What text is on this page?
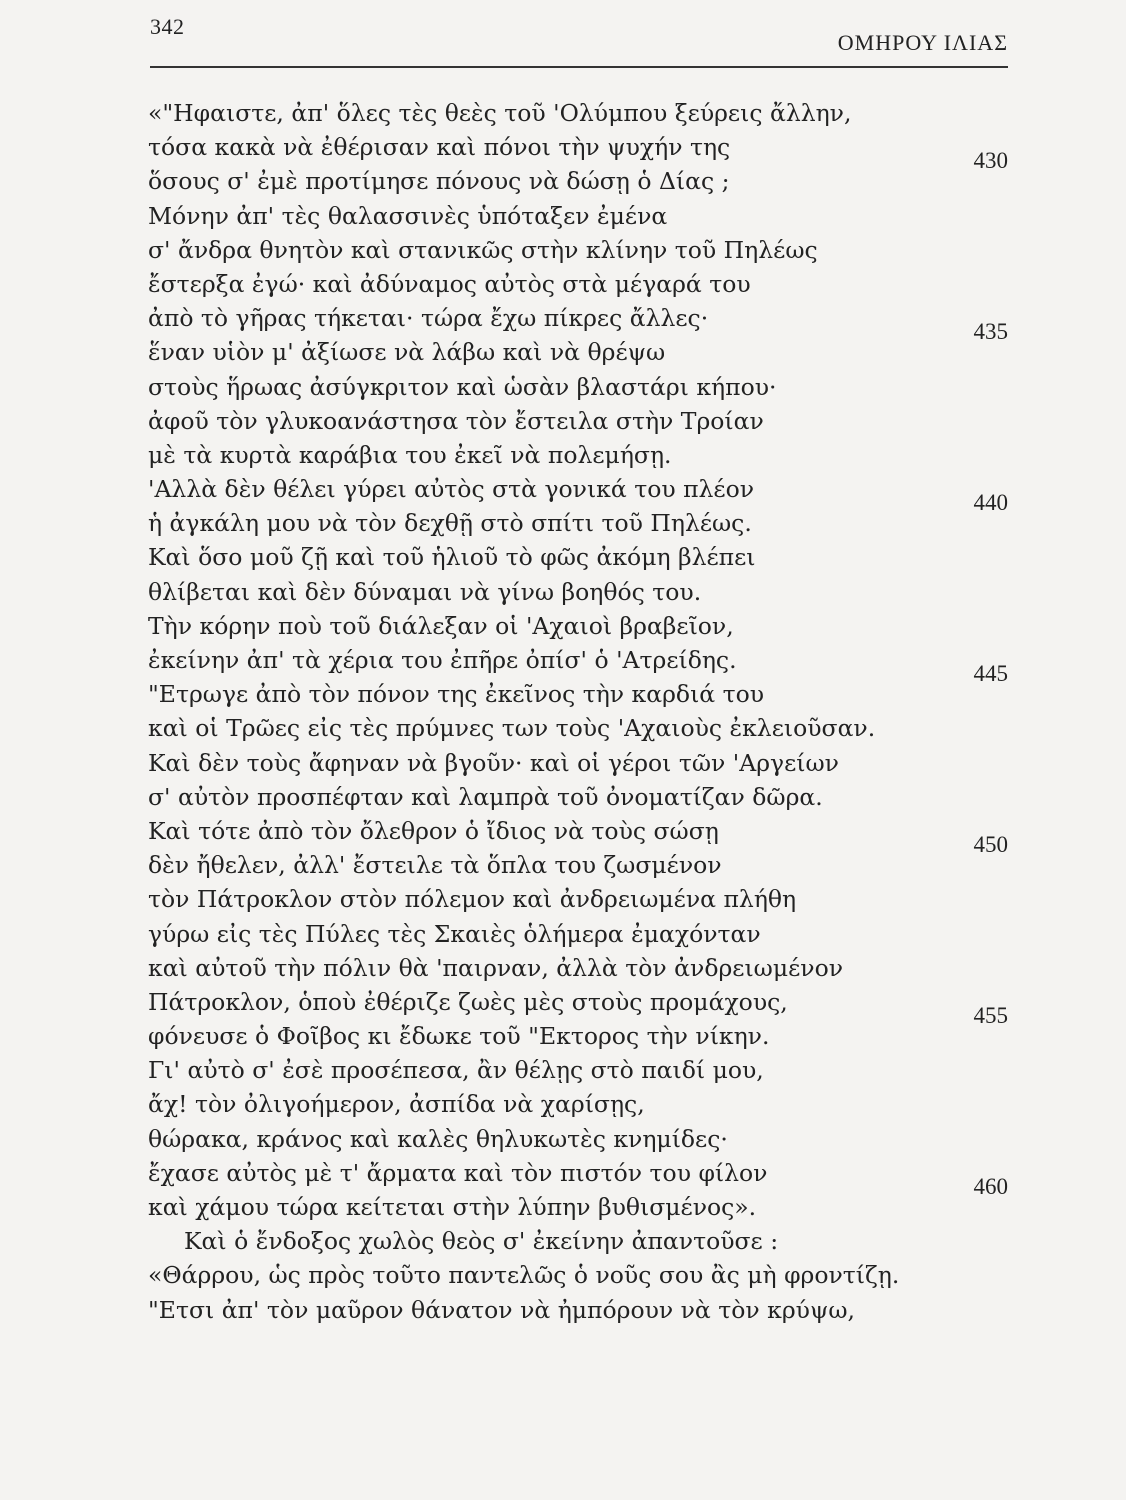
342
ΟΜΗΡΟΥ ΙΛΙΑΣ
«"Ηφαιστε, ἀπ' ὅλες τὲς θεὲς τοῦ 'Ολύμπου ξεύρεις ἄλλην,
τόσα κακὰ νὰ ἐθέρισαν καὶ πόνοι τὴν ψυχήν της	430
ὅσους σ' ἐμὲ προτίμησε πόνους νὰ δώσῃ ὁ Δίας ;
Μόνην ἀπ' τὲς θαλασσινὲς ὑπόταξεν ἐμένα
σ' ἄνδρα θνητὸν καὶ στανικῶς στὴν κλίνην τοῦ Πηλέως
ἔστερξα ἐγώ· καὶ ἀδύναμος αὐτὸς στὰ μέγαρά του
ἀπὸ τὸ γῆρας τήκεται· τώρα ἔχω πίκρες ἄλλες·	435
ἕναν υἱὸν μ' ἀξίωσε νὰ λάβω καὶ νὰ θρέψω
στοὺς ἥρωας ἀσύγκριτον καὶ ὡσὰν βλαστάρι κήπου·
ἀφοῦ τὸν γλυκοανάστησα τὸν ἔστειλα στὴν Τροίαν
μὲ τὰ κυρτὰ καράβια του ἐκεῖ νὰ πολεμήσῃ.
'Αλλὰ δὲν θέλει γύρει αὐτὸς στὰ γονικά του πλέον	440
ἡ ἀγκάλη μου νὰ τὸν δεχθῇ στὸ σπίτι τοῦ Πηλέως.
Καὶ ὅσο μοῦ ζῇ καὶ τοῦ ἡλιοῦ τὸ φῶς ἀκόμη βλέπει
θλίβεται καὶ δὲν δύναμαι νὰ γίνω βοηθός του.
Τὴν κόρην ποὺ τοῦ διάλεξαν οἱ 'Αχαιοὶ βραβεῖον,
ἐκείνην ἀπ' τὰ χέρια του ἐπῆρε ὀπίσ' ὁ 'Ατρείδης.	445
"Ετρωγε ἀπὸ τὸν πόνον της ἐκεῖνος τὴν καρδιά του
καὶ οἱ Τρῶες εἰς τὲς πρύμνες των τοὺς 'Αχαιοὺς ἐκλειοῦσαν.
Καὶ δὲν τοὺς ἄφηναν νὰ βγοῦν· καὶ οἱ γέροι τῶν 'Αργείων
σ' αὐτὸν προσπέφταν καὶ λαμπρὰ τοῦ ὀνοματίζαν δῶρα.
Καὶ τότε ἀπὸ τὸν ὄλεθρον ὁ ἴδιος νὰ τοὺς σώσῃ	450
δὲν ἤθελεν, ἀλλ' ἔστειλε τὰ ὅπλα του ζωσμένον
τὸν Πάτροκλον στὸν πόλεμον καὶ ἀνδρειωμένα πλήθη
γύρω εἰς τὲς Πύλες τὲς Σκαιὲς ὁλήμερα ἐμαχόνταν
καὶ αὐτοῦ τὴν πόλιν θὰ 'παιρναν, ἀλλὰ τὸν ἀνδρειωμένον
Πάτροκλον, ὁποὺ ἐθέριζε ζωὲς μὲς στοὺς προμάχους,	455
φόνευσε ὁ Φοῖβος κι ἔδωκε τοῦ "Εκτορος τὴν νίκην.
Γι' αὐτὸ σ' ἐσὲ προσέπεσα, ἂν θέλῃς στὸ παιδί μου,
ἄχ! τὸν ὀλιγοήμερον, ἀσπίδα νὰ χαρίσῃς,
θώρακα, κράνος καὶ καλὲς θηλυκωτὲς κνημίδες·
ἔχασε αὐτὸς μὲ τ' ἄρματα καὶ τὸν πιστόν του φίλον	460
καὶ χάμου τώρα κείτεται στὴν λύπην βυθισμένος».
Καὶ ὁ ἔνδοξος χωλὸς θεὸς σ' ἐκείνην ἀπαντοῦσε :
«Θάρρου, ὡς πρὸς τοῦτο παντελῶς ὁ νοῦς σου ἂς μὴ φροντίζῃ.
"Ετσι ἀπ' τὸν μαῦρον θάνατον νὰ ἠμπόρουν νὰ τὸν κρύψω,
